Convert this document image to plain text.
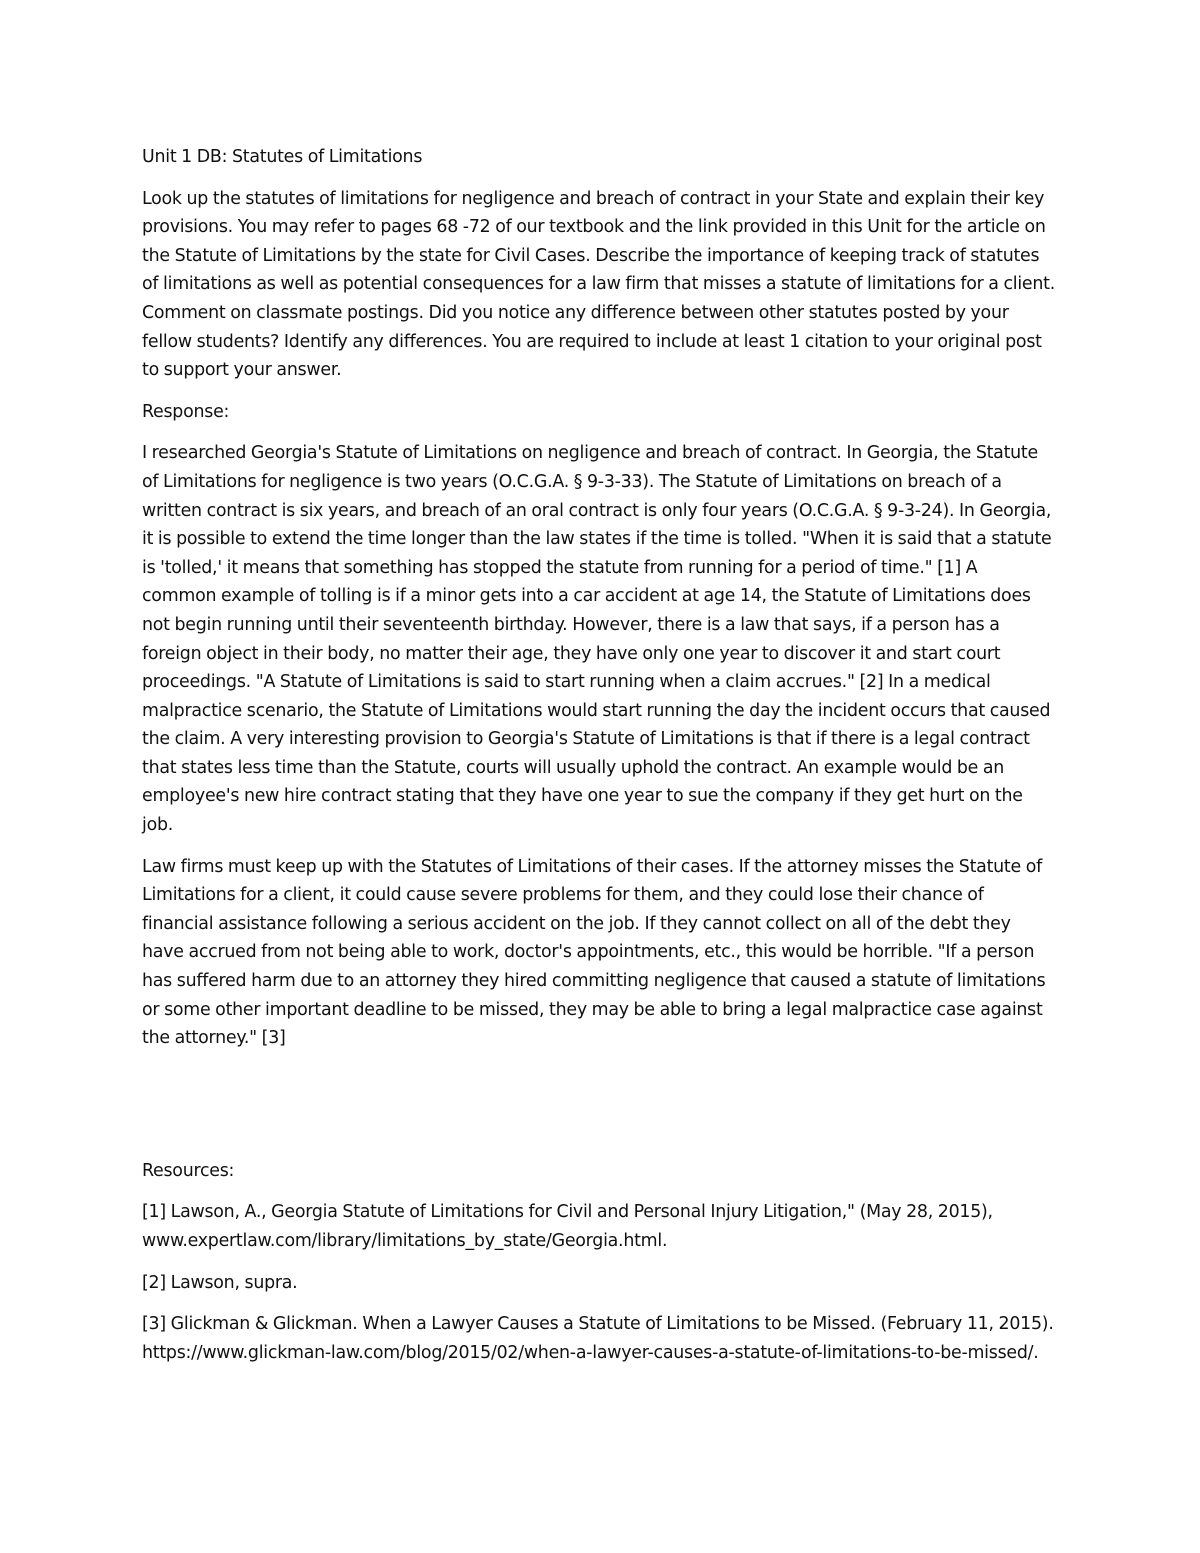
Unit 1 DB: Statutes of Limitations

Look up the statutes of limitations for negligence and breach of contract in your State and explain their key provisions. You may refer to pages 68 -72 of our textbook and the link provided in this Unit for the article on the Statute of Limitations by the state for Civil Cases. Describe the importance of keeping track of statutes of limitations as well as potential consequences for a law firm that misses a statute of limitations for a client. Comment on classmate postings. Did you notice any difference between other statutes posted by your fellow students? Identify any differences. You are required to include at least 1 citation to your original post to support your answer.

Response:

I researched Georgia's Statute of Limitations on negligence and breach of contract. In Georgia, the Statute of Limitations for negligence is two years (O.C.G.A. § 9-3-33). The Statute of Limitations on breach of a written contract is six years, and breach of an oral contract is only four years (O.C.G.A. § 9-3-24). In Georgia, it is possible to extend the time longer than the law states if the time is tolled. "When it is said that a statute is 'tolled,' it means that something has stopped the statute from running for a period of time." [1] A common example of tolling is if a minor gets into a car accident at age 14, the Statute of Limitations does not begin running until their seventeenth birthday. However, there is a law that says, if a person has a foreign object in their body, no matter their age, they have only one year to discover it and start court proceedings. "A Statute of Limitations is said to start running when a claim accrues." [2] In a medical malpractice scenario, the Statute of Limitations would start running the day the incident occurs that caused the claim. A very interesting provision to Georgia's Statute of Limitations is that if there is a legal contract that states less time than the Statute, courts will usually uphold the contract. An example would be an employee's new hire contract stating that they have one year to sue the company if they get hurt on the job.

Law firms must keep up with the Statutes of Limitations of their cases. If the attorney misses the Statute of Limitations for a client, it could cause severe problems for them, and they could lose their chance of financial assistance following a serious accident on the job. If they cannot collect on all of the debt they have accrued from not being able to work, doctor's appointments, etc., this would be horrible. "If a person has suffered harm due to an attorney they hired committing negligence that caused a statute of limitations or some other important deadline to be missed, they may be able to bring a legal malpractice case against the attorney." [3]

Resources:

[1] Lawson, A., Georgia Statute of Limitations for Civil and Personal Injury Litigation," (May 28, 2015), www.expertlaw.com/library/limitations_by_state/Georgia.html.

[2] Lawson, supra.

[3] Glickman & Glickman. When a Lawyer Causes a Statute of Limitations to be Missed. (February 11, 2015). https://www.glickman-law.com/blog/2015/02/when-a-lawyer-causes-a-statute-of-limitations-to-be-missed/.
